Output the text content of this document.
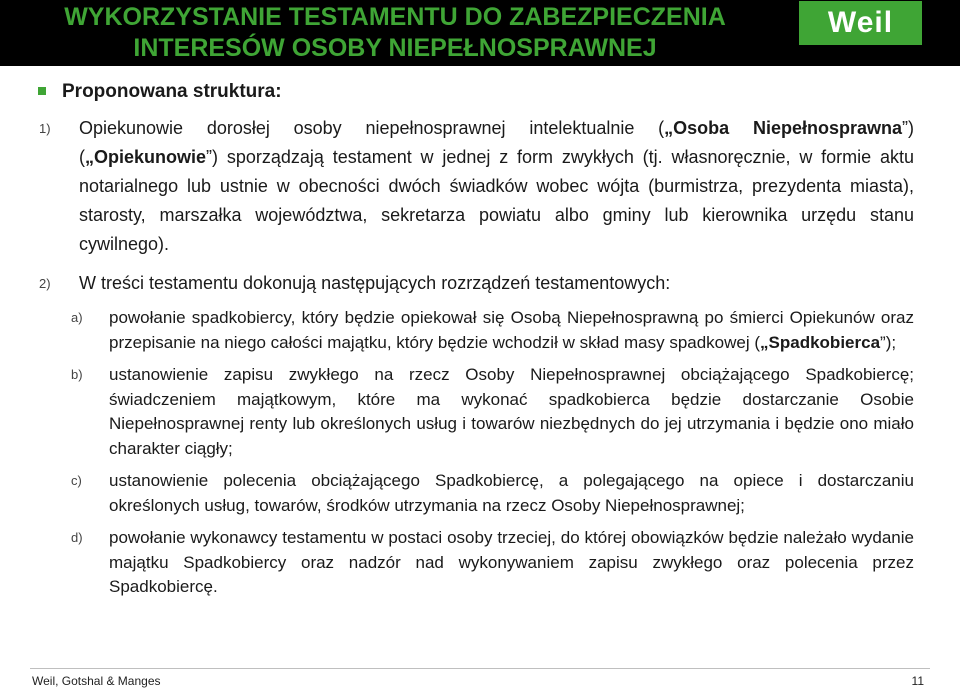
WYKORZYSTANIE TESTAMENTU DO ZABEZPIECZENIA
INTERESÓW OSOBY NIEPEŁNOSPRAWNEJ
Weil
Proponowana struktura:
1) Opiekunowie dorosłej osoby niepełnosprawnej intelektualnie („Osoba Niepełnosprawna”) („Opiekunowie”) sporządzają testament w jednej z form zwykłych (tj. własnoręcznie, w formie aktu notarialnego lub ustnie w obecności dwóch świadków wobec wójta (burmistrza, prezydenta miasta), starosty, marszałka województwa, sekretarza powiatu albo gminy lub kierownika urzędu stanu cywilnego).
2) W treści testamentu dokonują następujących rozrządzeń testamentowych:
a) powołanie spadkobiercy, który będzie opiekował się Osobą Niepełnosprawną po śmierci Opiekunów oraz przepisanie na niego całości majątku, który będzie wchodził w skład masy spadkowej („Spadkobierca”);
b) ustanowienie zapisu zwykłego na rzecz Osoby Niepełnosprawnej obciążającego Spadkobiercę; świadczeniem majątkowym, które ma wykonać spadkobierca będzie dostarczanie Osobie Niepełnosprawnej renty lub określonych usług i towarów niezbędnych do jej utrzymania i będzie ono miało charakter ciągły;
c) ustanowienie polecenia obciążającego Spadkobiercę, a polegającego na opiece i dostarczaniu określonych usług, towarów, środków utrzymania na rzecz Osoby Niepełnosprawnej;
d) powołanie wykonawcy testamentu w postaci osoby trzeciej, do której obowiązków będzie należało wydanie majątku Spadkobiercy oraz nadzór nad wykonywaniem zapisu zwykłego oraz polecenia przez Spadkobiercę.
Weil, Gotshal & Manges	11
